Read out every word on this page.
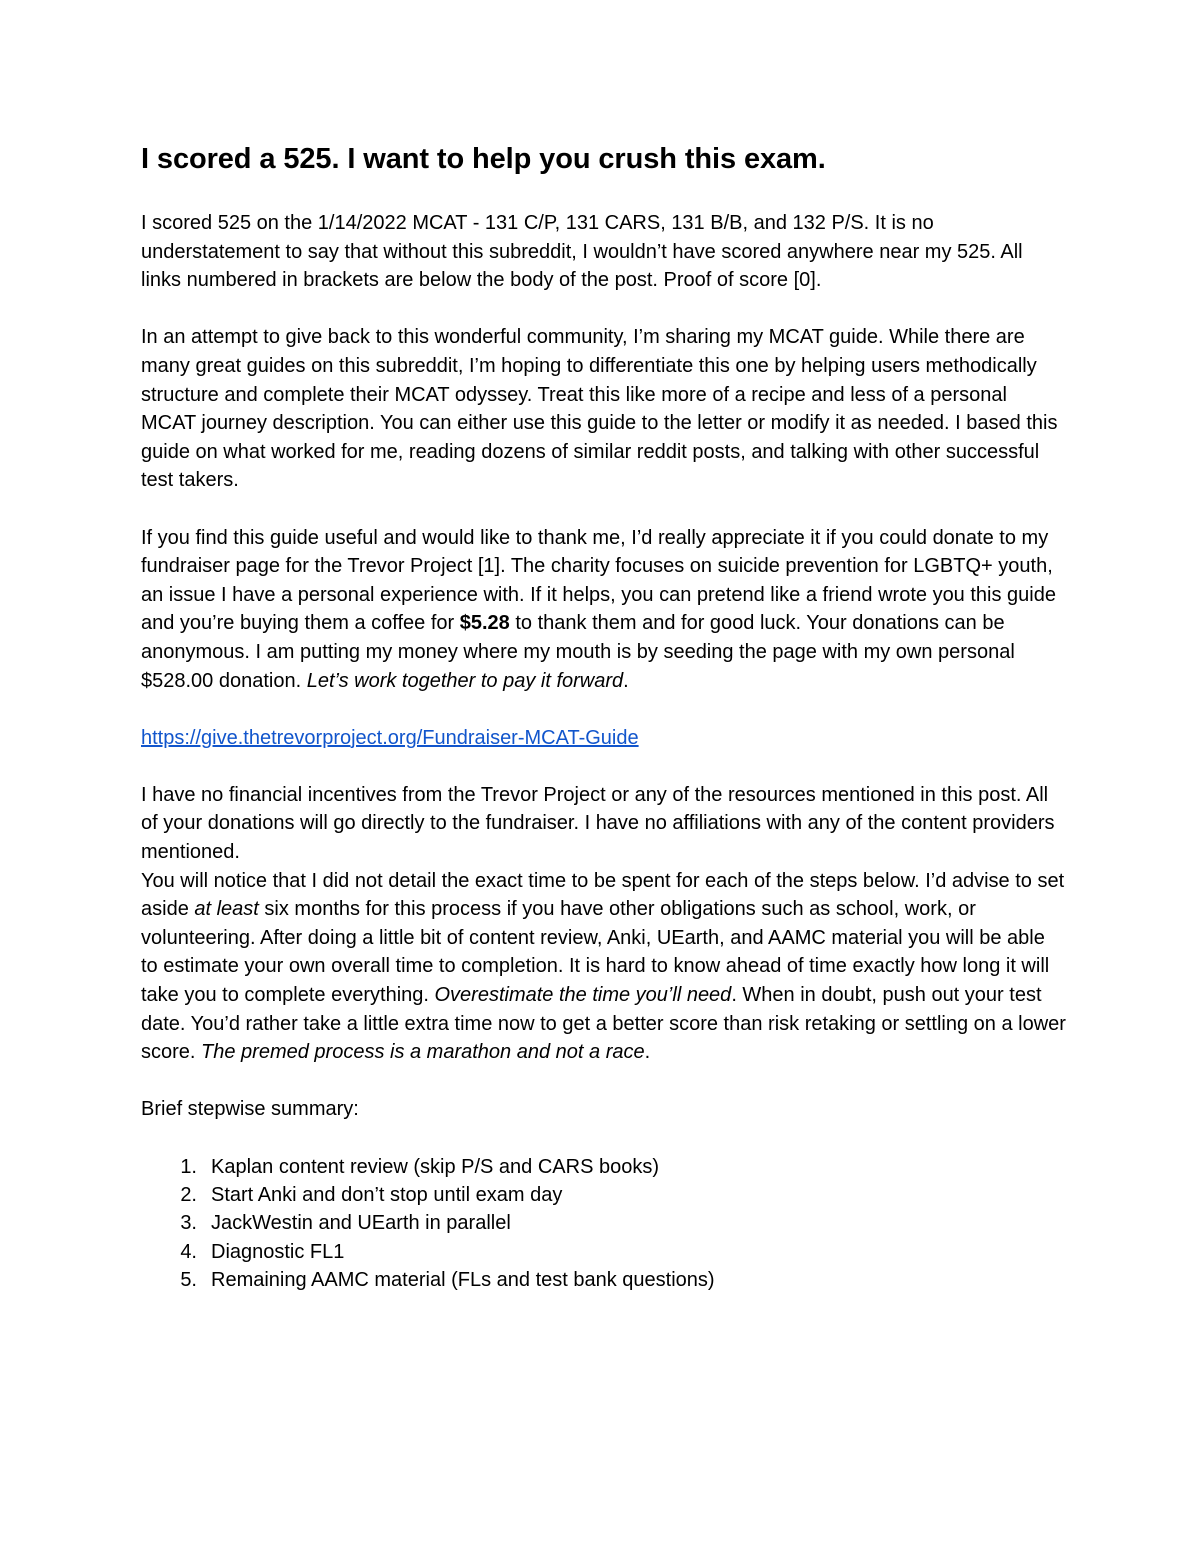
I scored a 525. I want to help you crush this exam.

I scored 525 on the 1/14/2022 MCAT - 131 C/P, 131 CARS, 131 B/B, and 132 P/S. It is no understatement to say that without this subreddit, I wouldn’t have scored anywhere near my 525. All links numbered in brackets are below the body of the post. Proof of score [0].

In an attempt to give back to this wonderful community, I’m sharing my MCAT guide. While there are many great guides on this subreddit, I’m hoping to differentiate this one by helping users methodically structure and complete their MCAT odyssey. Treat this like more of a recipe and less of a personal MCAT journey description. You can either use this guide to the letter or modify it as needed. I based this guide on what worked for me, reading dozens of similar reddit posts, and talking with other successful test takers.

If you find this guide useful and would like to thank me, I’d really appreciate it if you could donate to my fundraiser page for the Trevor Project [1]. The charity focuses on suicide prevention for LGBTQ+ youth, an issue I have a personal experience with. If it helps, you can pretend like a friend wrote you this guide and you’re buying them a coffee for $5.28 to thank them and for good luck. Your donations can be anonymous. I am putting my money where my mouth is by seeding the page with my own personal $528.00 donation. Let’s work together to pay it forward.

https://give.thetrevorproject.org/Fundraiser-MCAT-Guide

I have no financial incentives from the Trevor Project or any of the resources mentioned in this post. All of your donations will go directly to the fundraiser. I have no affiliations with any of the content providers mentioned.

You will notice that I did not detail the exact time to be spent for each of the steps below. I’d advise to set aside at least six months for this process if you have other obligations such as school, work, or volunteering. After doing a little bit of content review, Anki, UEarth, and AAMC material you will be able to estimate your own overall time to completion. It is hard to know ahead of time exactly how long it will take you to complete everything. Overestimate the time you’ll need. When in doubt, push out your test date. You’d rather take a little extra time now to get a better score than risk retaking or settling on a lower score. The premed process is a marathon and not a race.

Brief stepwise summary:

1. Kaplan content review (skip P/S and CARS books)
2. Start Anki and don’t stop until exam day
3. JackWestin and UEarth in parallel
4. Diagnostic FL1
5. Remaining AAMC material (FLs and test bank questions)
